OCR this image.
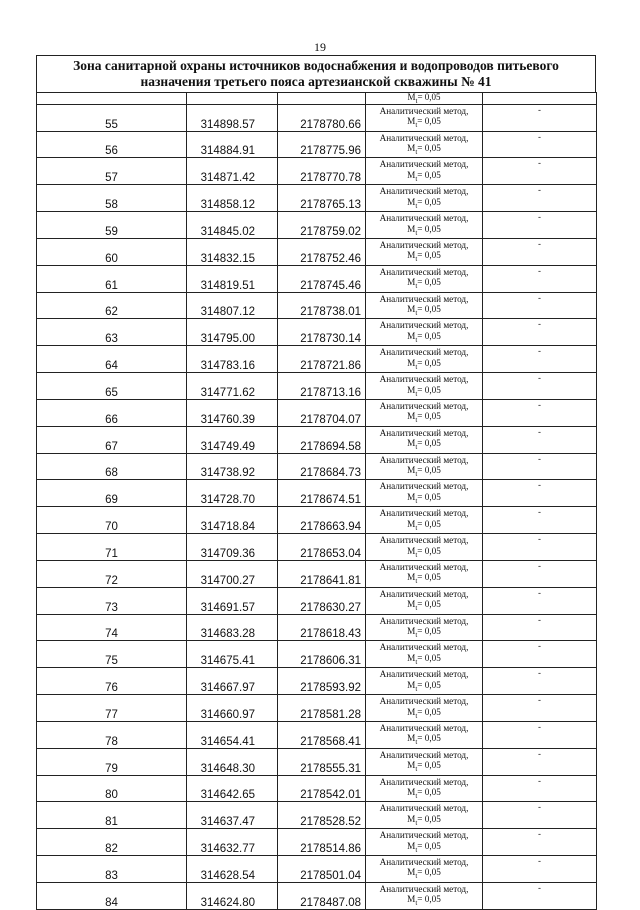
19
Зона санитарной охраны источников водоснабжения и водопроводов питьевого назначения третьего пояса артезианской скважины № 41
			$M_t= 0,05$	
55	314898.57	2178780.66	Аналитический метод,
$M_t= 0,05$	-
56	314884.91	2178775.96	Аналитический метод,
$M_t= 0,05$	-
57	314871.42	2178770.78	Аналитический метод,
$M_t= 0,05$	-
58	314858.12	2178765.13	Аналитический метод,
$M_t= 0,05$	-
59	314845.02	2178759.02	Аналитический метод,
$M_t= 0,05$	-
60	314832.15	2178752.46	Аналитический метод,
$M_t= 0,05$	-
61	314819.51	2178745.46	Аналитический метод,
$M_t= 0,05$	-
62	314807.12	2178738.01	Аналитический метод,
$M_t= 0,05$	-
63	314795.00	2178730.14	Аналитический метод,
$M_t= 0,05$	-
64	314783.16	2178721.86	Аналитический метод,
$M_t= 0,05$	-
65	314771.62	2178713.16	Аналитический метод,
$M_t= 0,05$	-
66	314760.39	2178704.07	Аналитический метод,
$M_t= 0,05$	-
67	314749.49	2178694.58	Аналитический метод,
$M_t= 0,05$	-
68	314738.92	2178684.73	Аналитический метод,
$M_t= 0,05$	-
69	314728.70	2178674.51	Аналитический метод,
$M_t= 0,05$	-
70	314718.84	2178663.94	Аналитический метод,
$M_t= 0,05$	-
71	314709.36	2178653.04	Аналитический метод,
$M_t= 0,05$	-
72	314700.27	2178641.81	Аналитический метод,
$M_t= 0,05$	-
73	314691.57	2178630.27	Аналитический метод,
$M_t= 0,05$	-
74	314683.28	2178618.43	Аналитический метод,
$M_t= 0,05$	-
75	314675.41	2178606.31	Аналитический метод,
$M_t= 0,05$	-
76	314667.97	2178593.92	Аналитический метод,
$M_t= 0,05$	-
77	314660.97	2178581.28	Аналитический метод,
$M_t= 0,05$	-
78	314654.41	2178568.41	Аналитический метод,
$M_t= 0,05$	-
79	314648.30	2178555.31	Аналитический метод,
$M_t= 0,05$	-
80	314642.65	2178542.01	Аналитический метод,
$M_t= 0,05$	-
81	314637.47	2178528.52	Аналитический метод,
$M_t= 0,05$	-
82	314632.77	2178514.86	Аналитический метод,
$M_t= 0,05$	-
83	314628.54	2178501.04	Аналитический метод,
$M_t= 0,05$	-
84	314624.80	2178487.08	Аналитический метод,
$M_t= 0,05$	-
